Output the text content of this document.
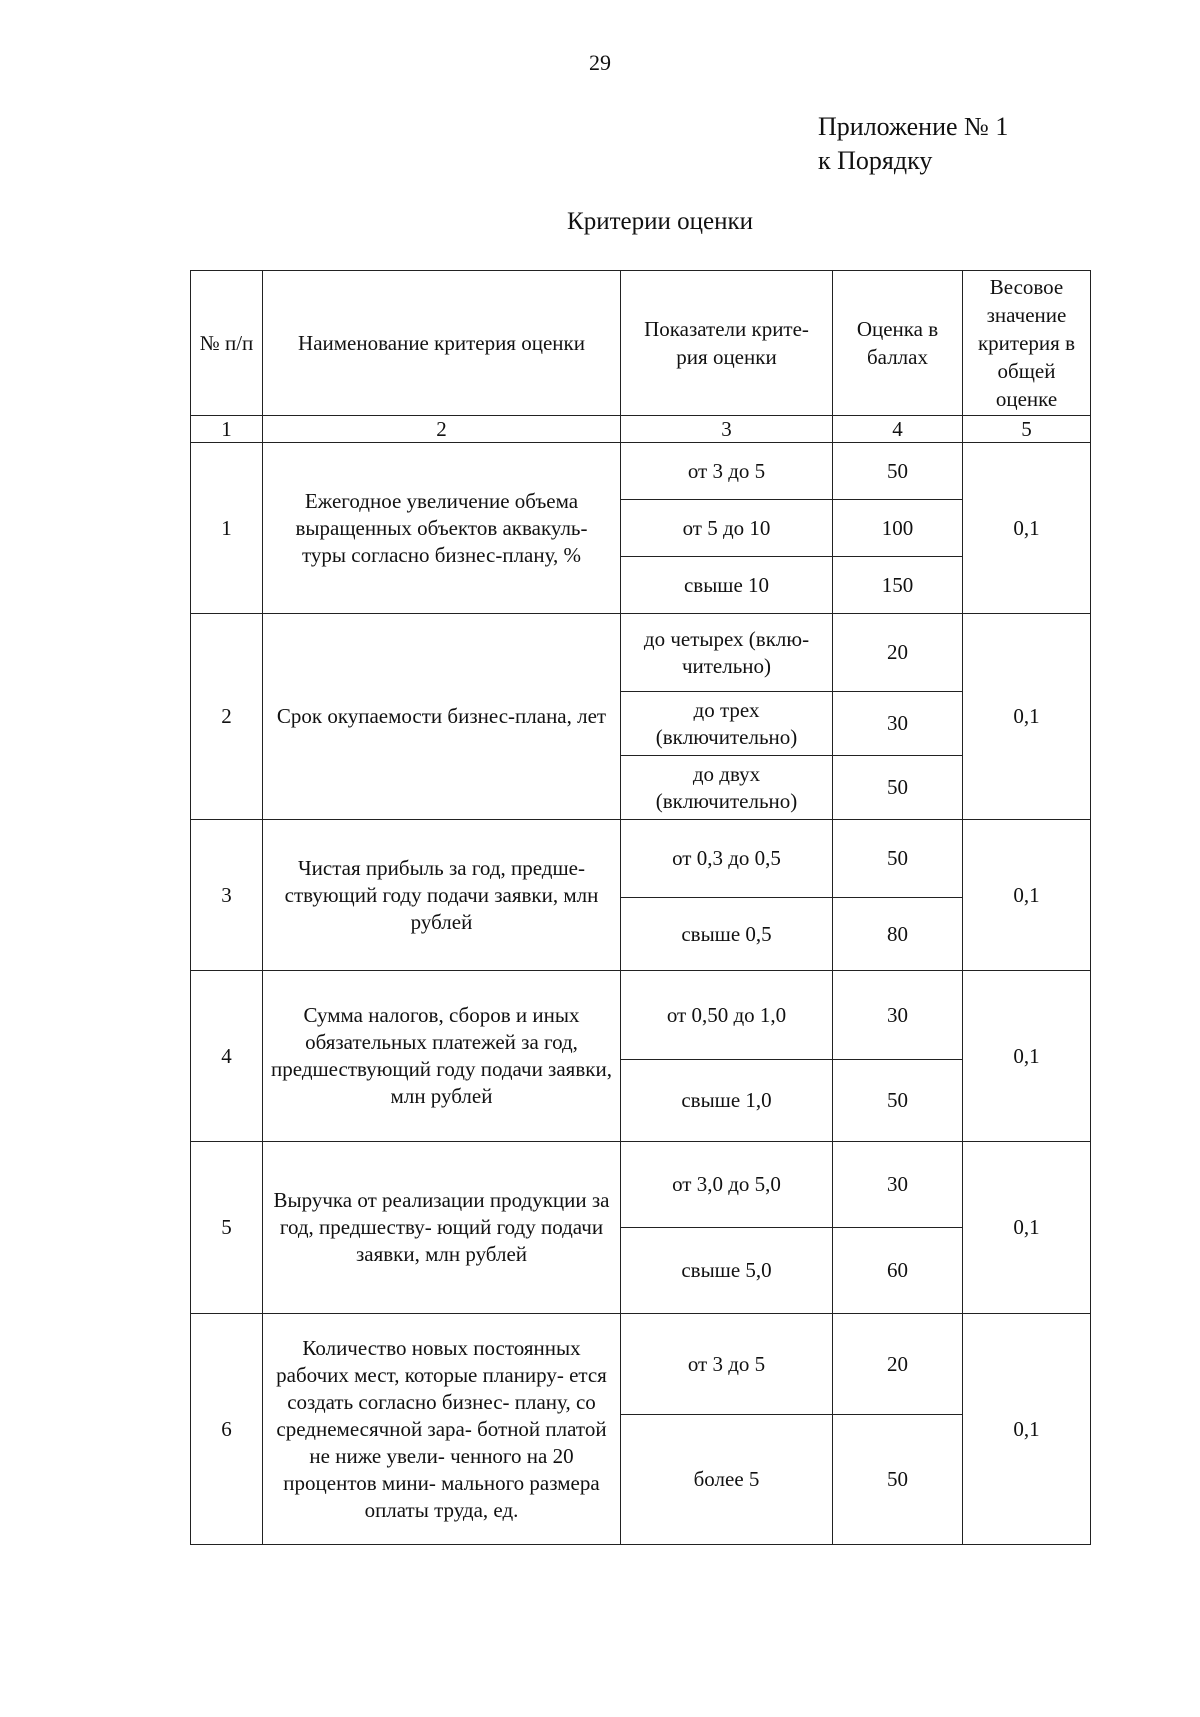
29
Приложение № 1
к Порядку
Критерии оценки
№ п/п	Наименование критерия оценки	Показатели крите- рия оценки	Оценка в баллах	Весовое значение критерия в общей оценке
1	2	3	4	5
1	Ежегодное увеличение объема выращенных объектов аквакуль- туры согласно бизнес-плану, %	от 3 до 5	50	0,1
		от 5 до 10	100	
		свыше 10	150	
2	Срок окупаемости бизнес-плана, лет	до четырех (вклю- чительно)	20	0,1
		до трех (включительно)	30	
		до двух (включительно)	50	
3	Чистая прибыль за год, предше- ствующий году подачи заявки, млн рублей	от 0,3 до 0,5	50	0,1
		свыше 0,5	80	
4	Сумма налогов, сборов и иных обязательных платежей за год, предшествующий году подачи заявки, млн рублей	от 0,50 до 1,0	30	0,1
		свыше 1,0	50	
5	Выручка от реализации продукции за год, предшеству- ющий году подачи заявки, млн рублей	от 3,0 до 5,0	30	0,1
		свыше 5,0	60	
6	Количество новых постоянных рабочих мест, которые планиру- ется создать согласно бизнес- плану, со среднемесячной зара- ботной платой не ниже увели- ченного на 20 процентов мини- мального размера оплаты труда, ед.	от 3 до 5	20	0,1
		более 5	50	
